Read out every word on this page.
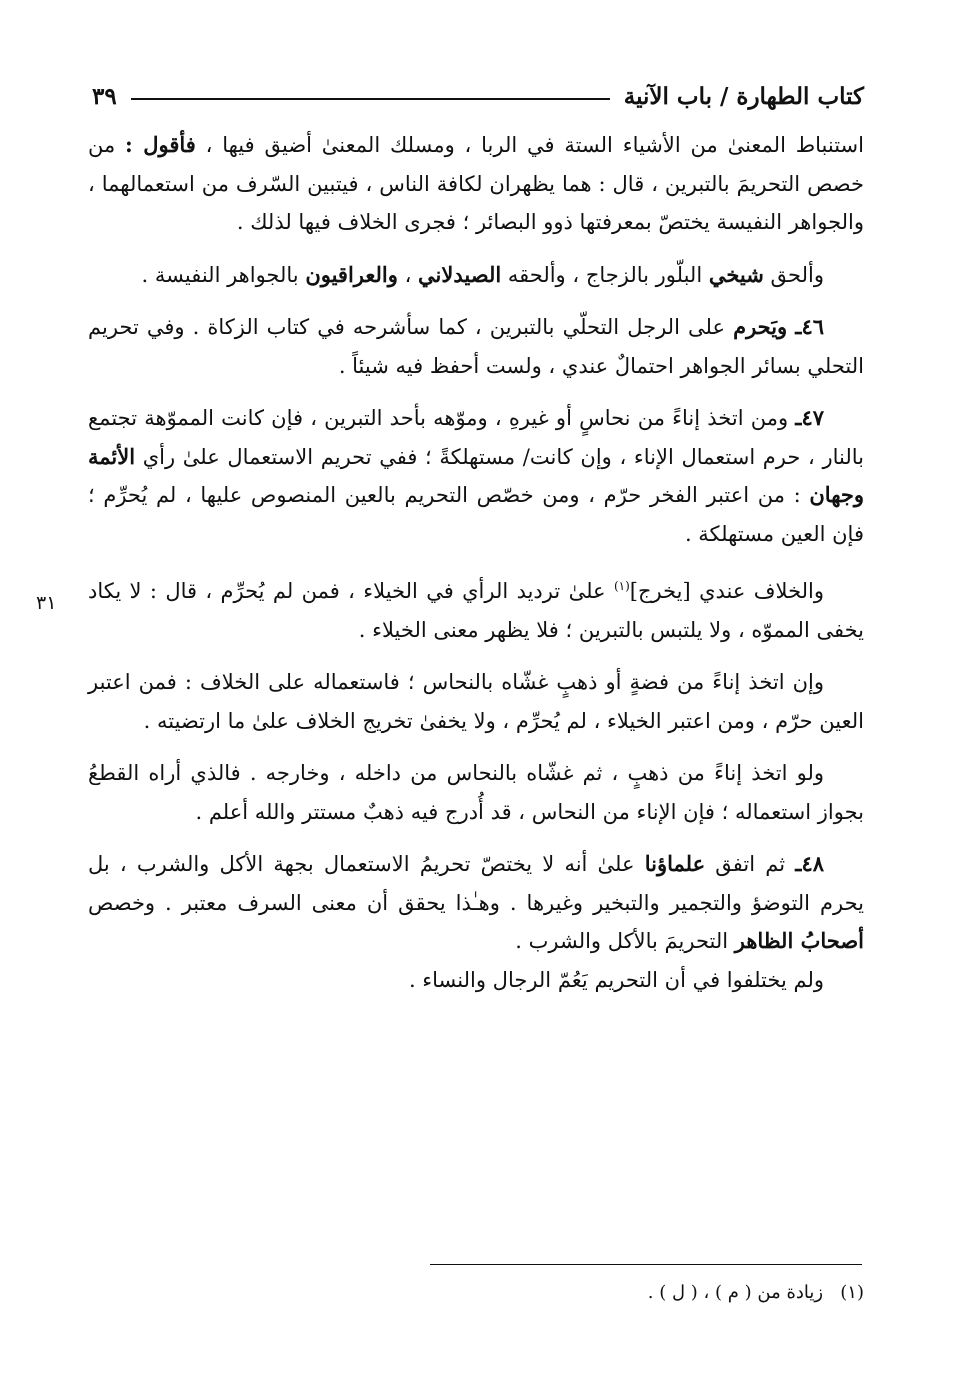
كتاب الطهارة / باب الآنية
٣٩
٣١

استنباط المعنىٰ من الأشياء الستة في الربا ، ومسلك المعنىٰ أضيق فيها ، فأقول : من خصص التحريمَ بالتبرين ، قال : هما يظهران لكافة الناس ، فيتبين السّرف من استعمالهما ، والجواهر النفيسة يختصّ بمعرفتها ذوو البصائر ؛ فجرى الخلاف فيها لذلك .

وألحق شيخي البلّور بالزجاج ، وألحقه الصيدلاني ، والعراقيون بالجواهر النفيسة .

٤٦ـ ويَحرم على الرجل التحلّي بالتبرين ، كما سأشرحه في كتاب الزكاة . وفي تحريم التحلي بسائر الجواهر احتمالٌ عندي ، ولست أحفظ فيه شيئاً .

٤٧ـ ومن اتخذ إناءً من نحاسٍ أو غيرهِ ، وموّهه بأحد التبرين ، فإن كانت المموّهة تجتمع بالنار ، حرم استعمال الإناء ، وإن كانت/ مستهلكةً ؛ ففي تحريم الاستعمال علىٰ رأي الأئمة وجهان : من اعتبر الفخر حرّم ، ومن خصّص التحريم بالعين المنصوص عليها ، لم يُحرِّم ؛ فإن العين مستهلكة .

والخلاف عندي [يخرج]$^{(١)}$ علىٰ ترديد الرأي في الخيلاء ، فمن لم يُحرِّم ، قال : لا يكاد يخفى المموّه ، ولا يلتبس بالتبرين ؛ فلا يظهر معنى الخيلاء .

وإن اتخذ إناءً من فضةٍ أو ذهبٍ غشّاه بالنحاس ؛ فاستعماله على الخلاف : فمن اعتبر العين حرّم ، ومن اعتبر الخيلاء ، لم يُحرِّم ، ولا يخفىٰ تخريج الخلاف علىٰ ما ارتضيته .

ولو اتخذ إناءً من ذهبٍ ، ثم غشّاه بالنحاس من داخله ، وخارجه . فالذي أراه القطعُ بجواز استعماله ؛ فإن الإناء من النحاس ، قد أُدرج فيه ذهبٌ مستتر والله أعلم .

٤٨ـ ثم اتفق علماؤنا علىٰ أنه لا يختصّ تحريمُ الاستعمال بجهة الأكل والشرب ، بل يحرم التوضؤ والتجمير والتبخير وغيرها . وهـٰذا يحقق أن معنى السرف معتبر . وخصص أصحابُ الظاهر التحريمَ بالأكل والشرب .

ولم يختلفوا في أن التحريم يَعُمّ الرجال والنساء .

(١)   زيادة من ( م ) ، ( ل ) .
